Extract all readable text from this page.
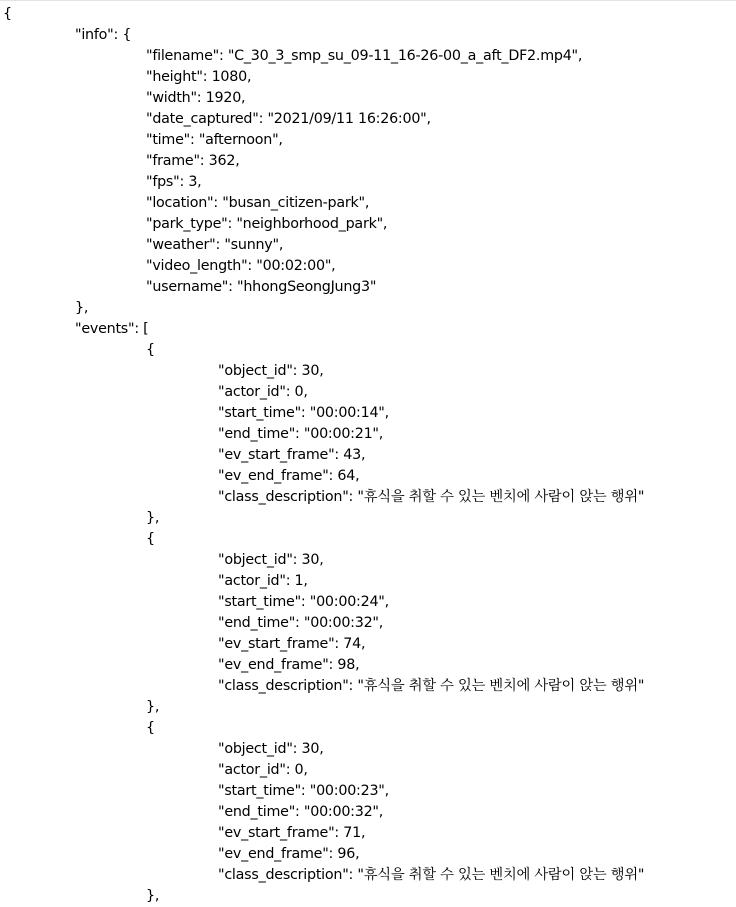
{
"info": {
"filename": "C_30_3_smp_su_09-11_16-26-00_a_aft_DF2.mp4",
"height": 1080,
"width": 1920,
"date_captured": "2021/09/11 16:26:00",
"time": "afternoon",
"frame": 362,
"fps": 3,
"location": "busan_citizen-park",
"park_type": "neighborhood_park",
"weather": "sunny",
"video_length": "00:02:00",
"username": "hhongSeongJung3"
},
"events": [
{
"object_id": 30,
"actor_id": 0,
"start_time": "00:00:14",
"end_time": "00:00:21",
"ev_start_frame": 43,
"ev_end_frame": 64,
"class_description": "휴식을 취할 수 있는 벤치에 사람이 앉는 행위"
},
{
"object_id": 30,
"actor_id": 1,
"start_time": "00:00:24",
"end_time": "00:00:32",
"ev_start_frame": 74,
"ev_end_frame": 98,
"class_description": "휴식을 취할 수 있는 벤치에 사람이 앉는 행위"
},
{
"object_id": 30,
"actor_id": 0,
"start_time": "00:00:23",
"end_time": "00:00:32",
"ev_start_frame": 71,
"ev_end_frame": 96,
"class_description": "휴식을 취할 수 있는 벤치에 사람이 앉는 행위"
},
